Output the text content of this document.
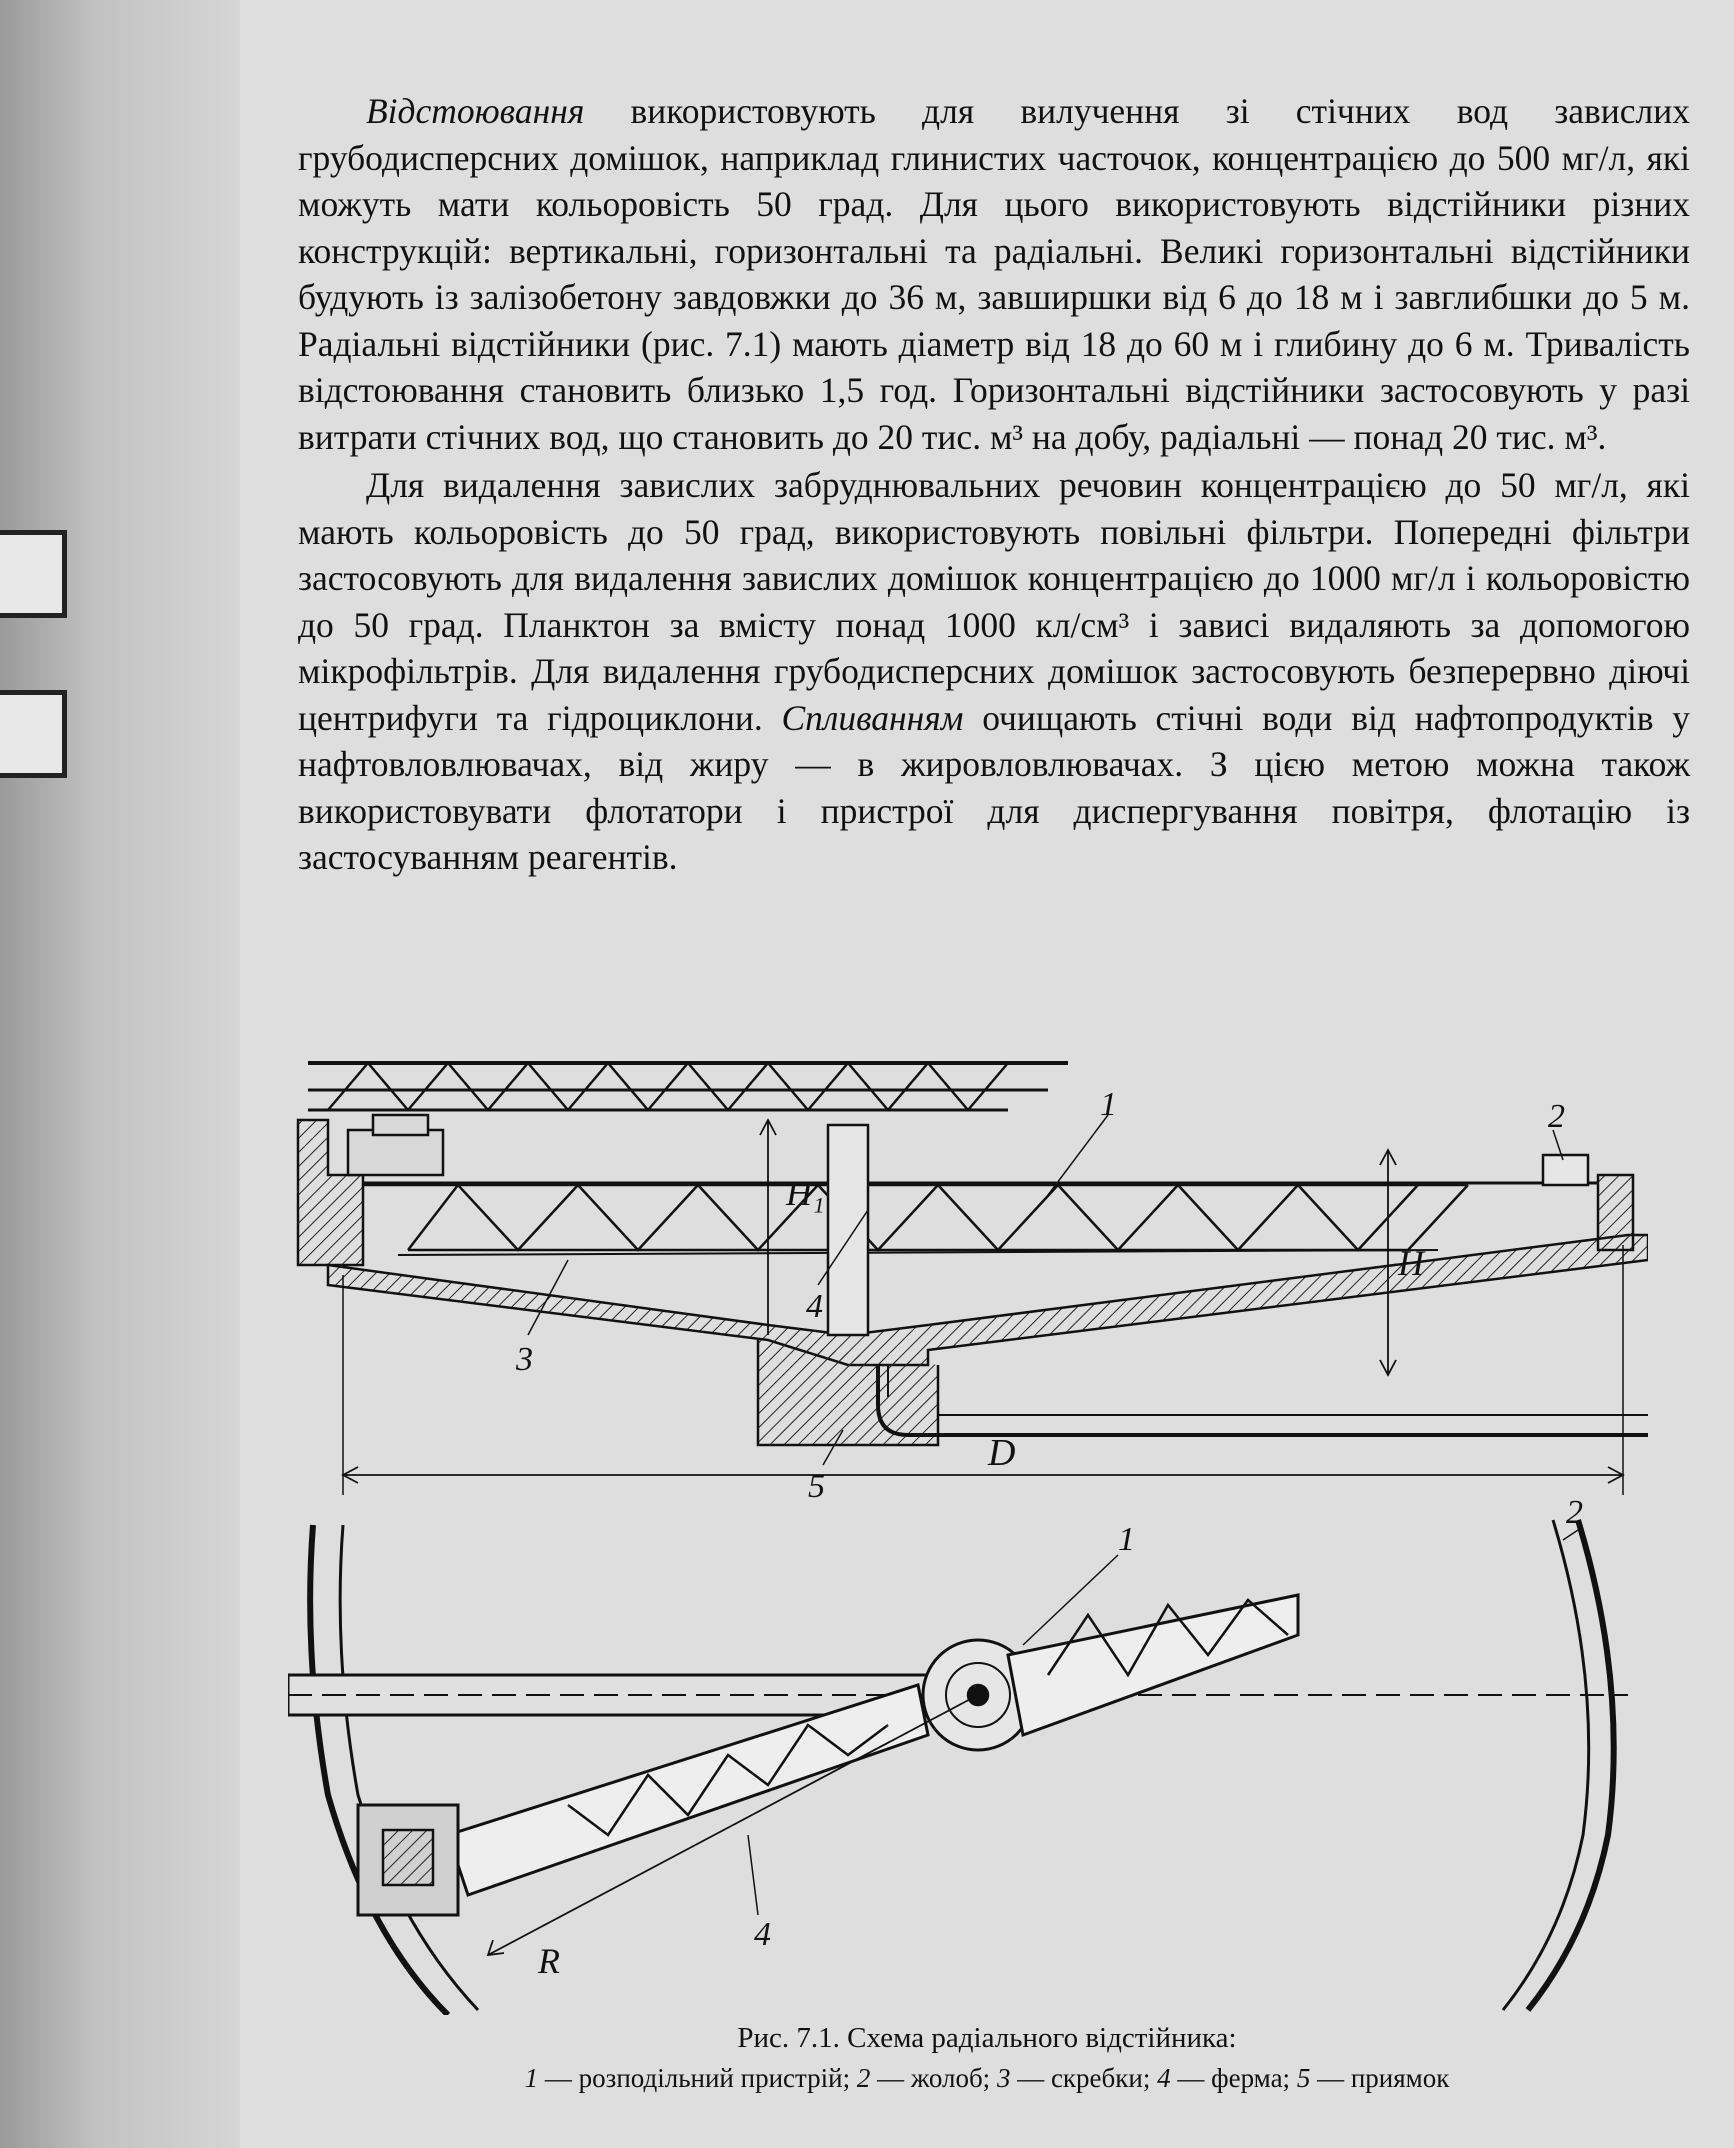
Відстоювання використовують для вилучення зі стічних вод завислих грубодисперсних домішок, наприклад глинистих часточок, концентрацією до 500 мг/л, які можуть мати кольоровість 50 град. Для цього використовують відстійники різних конструкцій: вертикальні, горизонтальні та радіальні. Великі горизонтальні відстійники будують із залізобетону завдовжки до 36 м, завширшки від 6 до 18 м і завглибшки до 5 м. Радіальні відстійники (рис. 7.1) мають діаметр від 18 до 60 м і глибину до 6 м. Тривалість відстоювання становить близько 1,5 год. Горизонтальні відстійники застосовують у разі витрати стічних вод, що становить до 20 тис. м³ на добу, радіальні — понад 20 тис. м³.

Для видалення завислих забруднювальних речовин концентрацією до 50 мг/л, які мають кольоровість до 50 град, використовують повільні фільтри. Попередні фільтри застосовують для видалення завислих домішок концентрацією до 1000 мг/л і кольоровістю до 50 град. Планктон за вмісту понад 1000 кл/см³ і зависі видаляють за допомогою мікрофільтрів. Для видалення грубодисперсних домішок застосовують безперервно діючі центрифуги та гідроциклони. Спливанням очищають стічні води від нафтопродуктів у нафтовловлювачах, від жиру — в жировловлювачах. З цією метою можна також використовувати флотатори і пристрої для диспергування повітря, флотацію із застосуванням реагентів.

1	2
3
4
5
H₁
H
D
1
2
4
R
Рис. 7.1. Схема радіального відстійника:
1 — розподільний пристрій; 2 — жолоб; 3 — скребки; 4 — ферма; 5 — приямок
